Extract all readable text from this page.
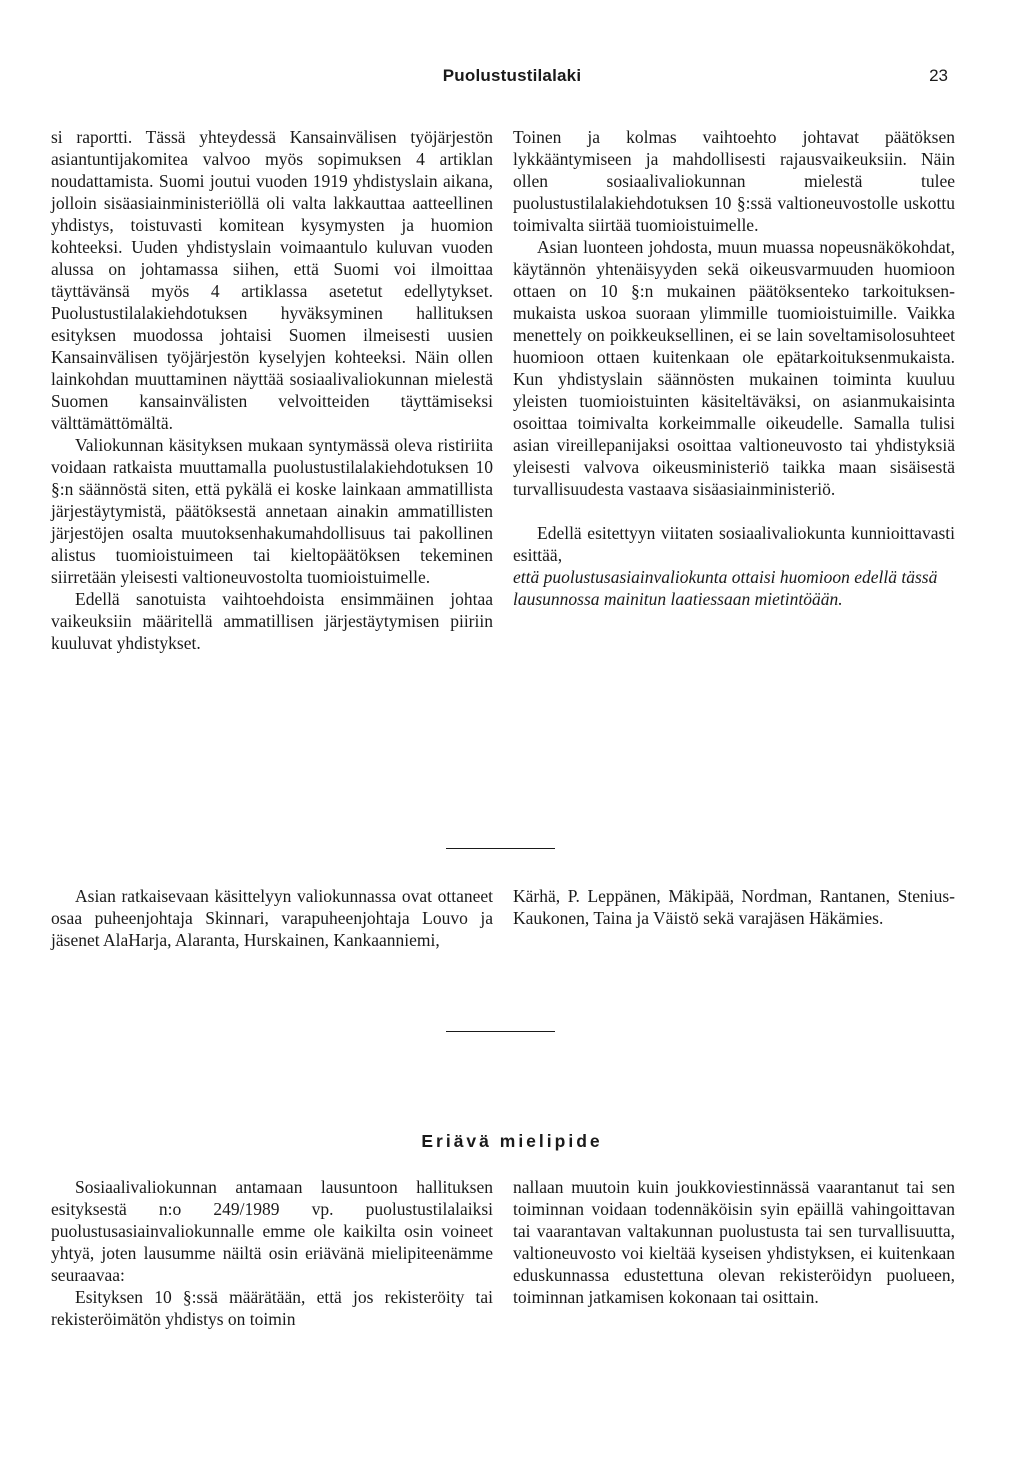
Puolustustilalaki	23

si raportti. Tässä yhteydessä Kansainvälisen työjärjestön asiantuntijakomitea valvoo myös sopimuksen 4 artiklan noudattamista. Suomi joutui vuoden 1919 yhdistyslain aikana, jolloin sisäasiainministeriöllä oli valta lakkauttaa aatteellinen yhdistys, toistuvasti komitean kysymysten ja huomion kohteeksi. Uuden yhdistyslain voimaantulo kuluvan vuoden alussa on johtamassa siihen, että Suomi voi ilmoittaa täyttävänsä myös 4 artiklassa asetetut edellytykset. Puolustustilalakiehdotuksen hyväksyminen hallituksen esityksen muodossa johtaisi Suomen ilmeisesti uusien Kansainvälisen työjärjestön kyselyjen kohteeksi. Näin ollen lainkohdan muuttaminen näyttää sosiaalivaliokunnan mielestä Suomen kansainvälisten velvoitteiden täyttämiseksi välttämättömältä.

Valiokunnan käsityksen mukaan syntymässä oleva ristiriita voidaan ratkaista muuttamalla puolustustilalakiehdotuksen 10 §:n säännöstä siten, että pykälä ei koske lainkaan ammatillista järjestäytymistä, päätöksestä annetaan ainakin ammatillisten järjestöjen osalta muutoksenhakumahdollisuus tai pakollinen alistus tuomioistuimeen tai kieltopäätöksen tekeminen siirretään yleisesti valtioneuvostolta tuomioistuimelle.

Edellä sanotuista vaihtoehdoista ensimmäinen johtaa vaikeuksiin määritellä ammatillisen järjestäytymisen piiriin kuuluvat yhdistykset.

Toinen ja kolmas vaihtoehto johtavat päätöksen lykkääntymiseen ja mahdollisesti rajausvaikeuksiin. Näin ollen sosiaalivaliokunnan mielestä tulee puolustustilalakiehdotuksen 10 §:ssä valtioneuvostolle uskottu toimivalta siirtää tuomioistuimelle.

Asian luonteen johdosta, muun muassa nopeusnäkökohdat, käytännön yhtenäisyyden sekä oikeusvarmuuden huomioon ottaen on 10 §:n mukainen päätöksenteko tarkoituksenmukaista uskoa suoraan ylimmille tuomioistuimille. Vaikka menettely on poikkeuksellinen, ei se lain soveltamisolosuhteet huomioon ottaen kuitenkaan ole epätarkoituksenmukaista. Kun yhdistyslain säännösten mukainen toiminta kuuluu yleisten tuomioistuinten käsiteltäväksi, on asianmukaisinta osoittaa toimivalta korkeimmalle oikeudelle. Samalla tulisi asian vireillepanijaksi osoittaa valtioneuvosto tai yhdistyksiä yleisesti valvova oikeusministeriö taikka maan sisäisestä turvallisuudesta vastaava sisäasiainministeriö.

Edellä esitettyyn viitaten sosiaalivaliokunta kunnioittavasti esittää,

että puolustusasiainvaliokunta ottaisi huomioon edellä tässä lausunnossa mainitun laatiessaan mietintöään.

Asian ratkaisevaan käsittelyyn valiokunnassa ovat ottaneet osaa puheenjohtaja Skinnari, varapuheenjohtaja Louvo ja jäsenet AlaHarja, Alaranta, Hurskainen, Kankaanniemi,

Kärhä, P. Leppänen, Mäkipää, Nordman, Rantanen, Stenius-Kaukonen, Taina ja Väistö sekä varajäsen Häkämies.

Eriävä mielipide

Sosiaalivaliokunnan antamaan lausuntoon hallituksen esityksestä n:o 249/1989 vp. puolustustilalaiksi puolustusasiainvaliokunnalle emme ole kaikilta osin voineet yhtyä, joten lausumme näiltä osin eriävänä mielipiteenämme seuraavaa:

Esityksen 10 §:ssä määrätään, että jos rekisteröity tai rekisteröimätön yhdistys on toimin

nallaan muutoin kuin joukkoviestinnässä vaarantanut tai sen toiminnan voidaan todennäköisin syin epäillä vahingoittavan tai vaarantavan valtakunnan puolustusta tai sen turvallisuutta, valtioneuvosto voi kieltää kyseisen yhdistyksen, ei kuitenkaan eduskunnassa edustettuna olevan rekisteröidyn puolueen, toiminnan jatkamisen kokonaan tai osittain.
